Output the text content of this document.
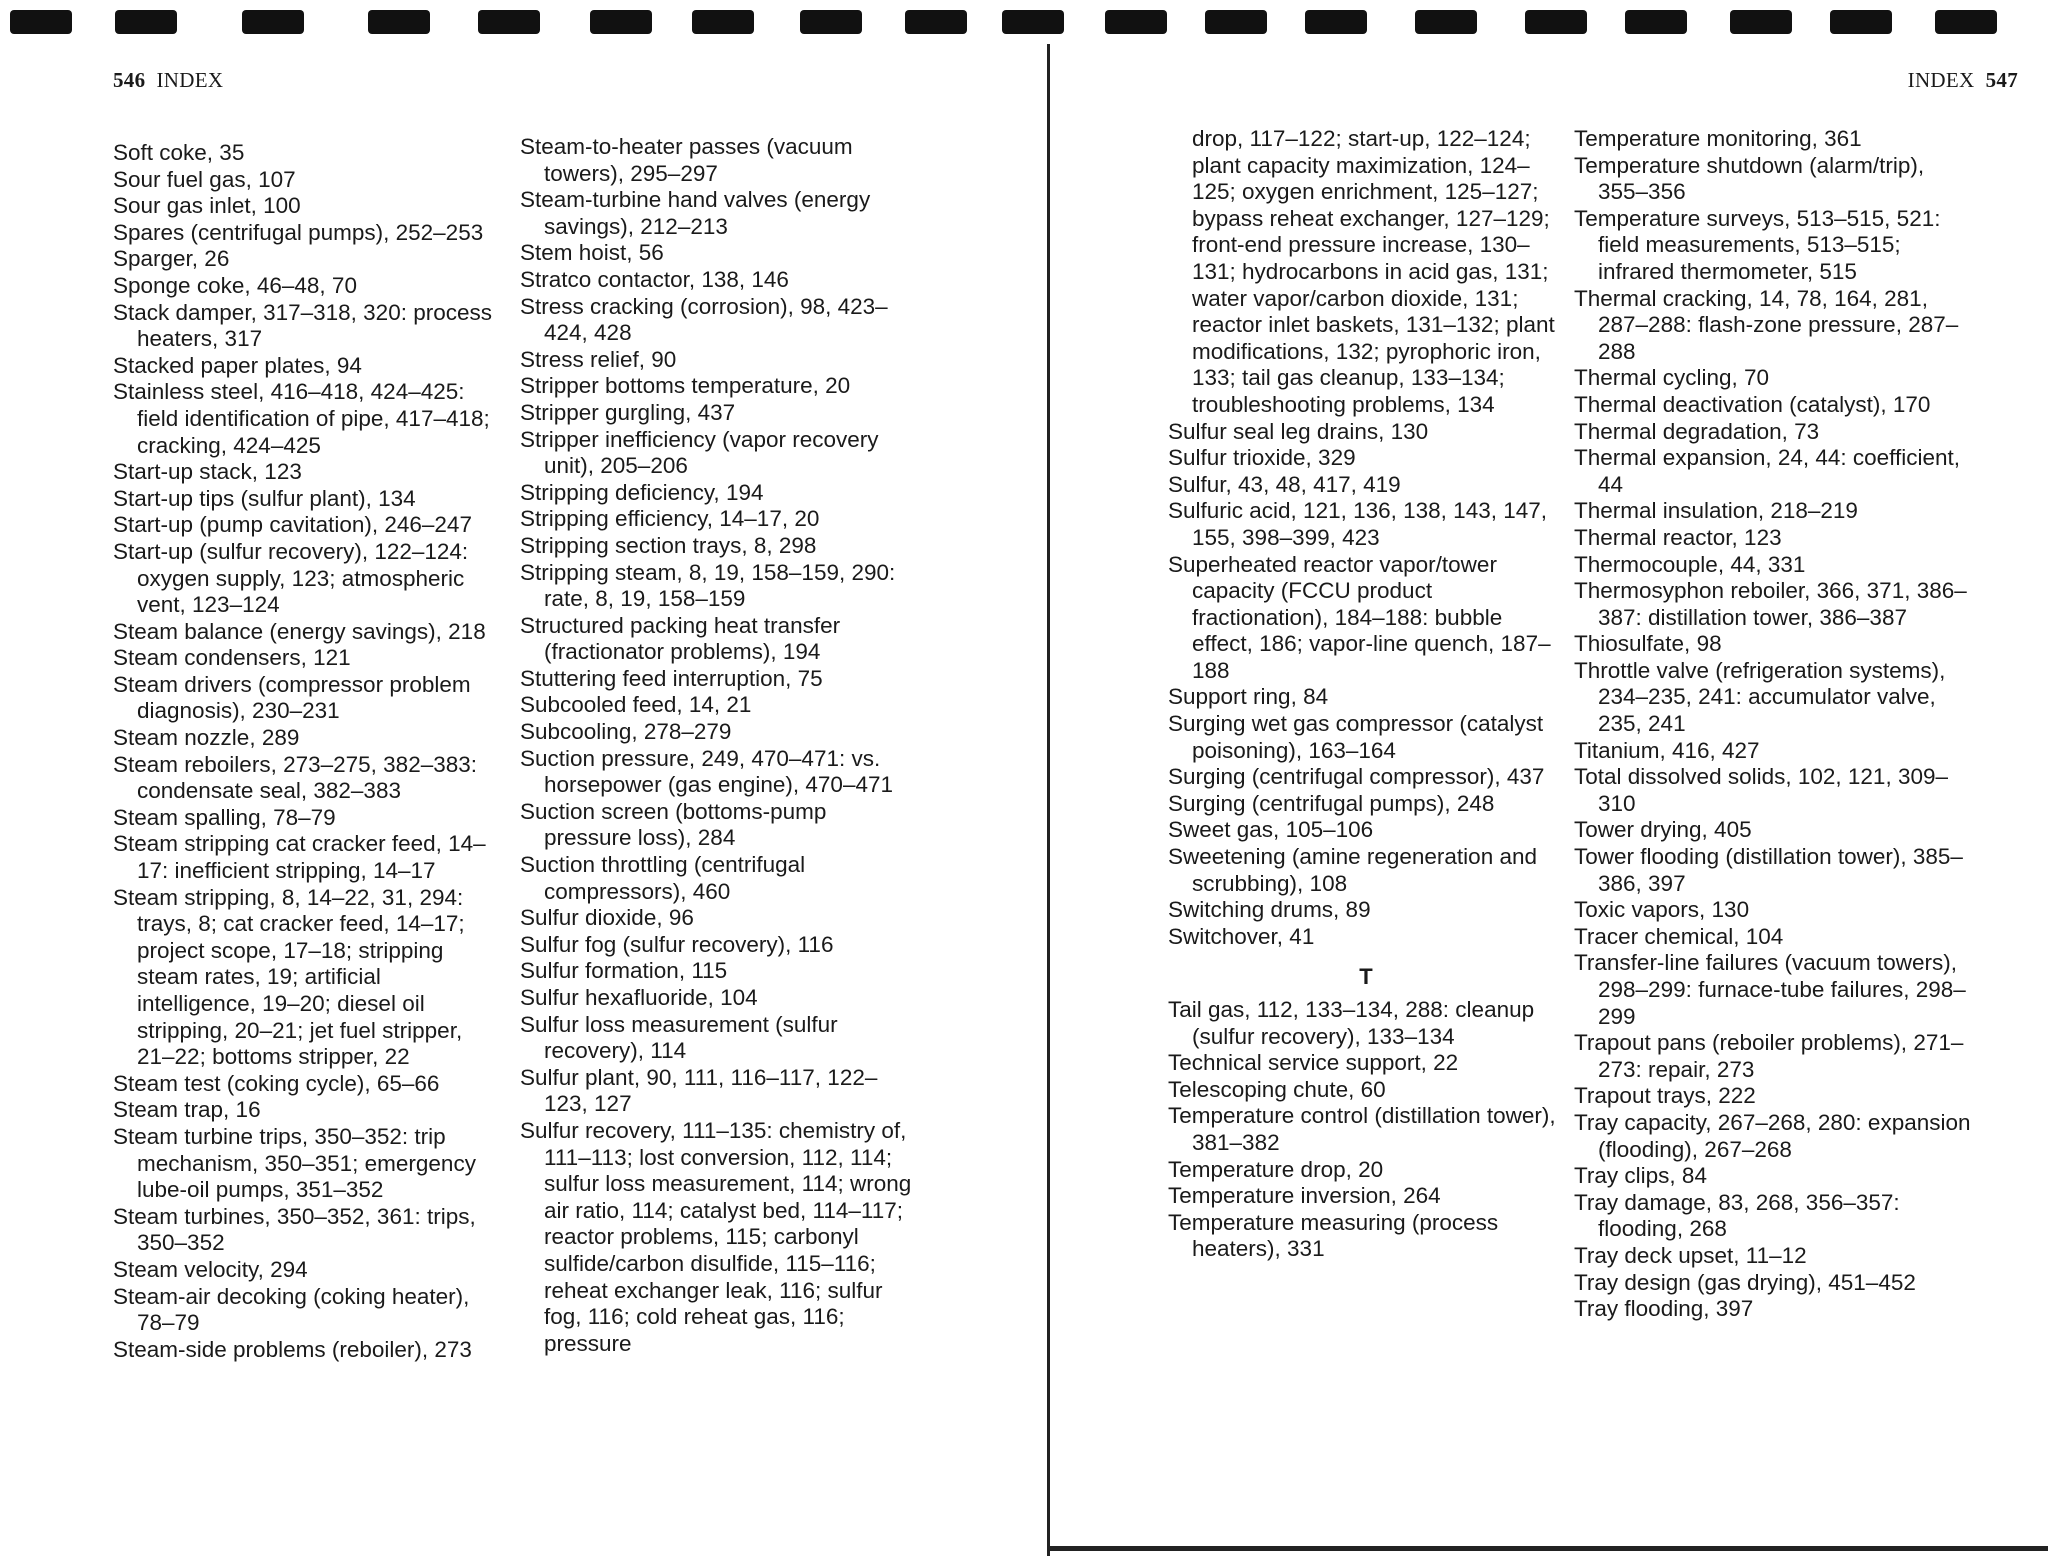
546 INDEX	INDEX 547
Soft coke, 35
Sour fuel gas, 107
Sour gas inlet, 100
Spares (centrifugal pumps), 252–253
Sparger, 26
Sponge coke, 46–48, 70
Stack damper, 317–318, 320: process heaters, 317
Stacked paper plates, 94
Stainless steel, 416–418, 424–425: field identification of pipe, 417–418; cracking, 424–425
Start-up stack, 123
Start-up tips (sulfur plant), 134
Start-up (pump cavitation), 246–247
Start-up (sulfur recovery), 122–124: oxygen supply, 123; atmospheric vent, 123–124
Steam balance (energy savings), 218
Steam condensers, 121
Steam drivers (compressor problem diagnosis), 230–231
Steam nozzle, 289
Steam reboilers, 273–275, 382–383: condensate seal, 382–383
Steam spalling, 78–79
Steam stripping cat cracker feed, 14–17: inefficient stripping, 14–17
Steam stripping, 8, 14–22, 31, 294: trays, 8; cat cracker feed, 14–17; project scope, 17–18; stripping steam rates, 19; artificial intelligence, 19–20; diesel oil stripping, 20–21; jet fuel stripper, 21–22; bottoms stripper, 22
Steam test (coking cycle), 65–66
Steam trap, 16
Steam turbine trips, 350–352: trip mechanism, 350–351; emergency lube-oil pumps, 351–352
Steam turbines, 350–352, 361: trips, 350–352
Steam velocity, 294
Steam-air decoking (coking heater), 78–79
Steam-side problems (reboiler), 273
Steam-to-heater passes (vacuum towers), 295–297
Steam-turbine hand valves (energy savings), 212–213
Stem hoist, 56
Stratco contactor, 138, 146
Stress cracking (corrosion), 98, 423–424, 428
Stress relief, 90
Stripper bottoms temperature, 20
Stripper gurgling, 437
Stripper inefficiency (vapor recovery unit), 205–206
Stripping deficiency, 194
Stripping efficiency, 14–17, 20
Stripping section trays, 8, 298
Stripping steam, 8, 19, 158–159, 290: rate, 8, 19, 158–159
Structured packing heat transfer (fractionator problems), 194
Stuttering feed interruption, 75
Subcooled feed, 14, 21
Subcooling, 278–279
Suction pressure, 249, 470–471: vs. horsepower (gas engine), 470–471
Suction screen (bottoms-pump pressure loss), 284
Suction throttling (centrifugal compressors), 460
Sulfur dioxide, 96
Sulfur fog (sulfur recovery), 116
Sulfur formation, 115
Sulfur hexafluoride, 104
Sulfur loss measurement (sulfur recovery), 114
Sulfur plant, 90, 111, 116–117, 122–123, 127
Sulfur recovery, 111–135: chemistry of, 111–113; lost conversion, 112, 114; sulfur loss measurement, 114; wrong air ratio, 114; catalyst bed, 114–117; reactor problems, 115; carbonyl sulfide/carbon disulfide, 115–116; reheat exchanger leak, 116; sulfur fog, 116; cold reheat gas, 116; pressure
drop, 117–122; start-up, 122–124; plant capacity maximization, 124–125; oxygen enrichment, 125–127; bypass reheat exchanger, 127–129; front-end pressure increase, 130–131; hydrocarbons in acid gas, 131; water vapor/carbon dioxide, 131; reactor inlet baskets, 131–132; plant modifications, 132; pyrophoric iron, 133; tail gas cleanup, 133–134; troubleshooting problems, 134
Sulfur seal leg drains, 130
Sulfur trioxide, 329
Sulfur, 43, 48, 417, 419
Sulfuric acid, 121, 136, 138, 143, 147, 155, 398–399, 423
Superheated reactor vapor/tower capacity (FCCU product fractionation), 184–188: bubble effect, 186; vapor-line quench, 187–188
Support ring, 84
Surging wet gas compressor (catalyst poisoning), 163–164
Surging (centrifugal compressor), 437
Surging (centrifugal pumps), 248
Sweet gas, 105–106
Sweetening (amine regeneration and scrubbing), 108
Switching drums, 89
Switchover, 41
T
Tail gas, 112, 133–134, 288: cleanup (sulfur recovery), 133–134
Technical service support, 22
Telescoping chute, 60
Temperature control (distillation tower), 381–382
Temperature drop, 20
Temperature inversion, 264
Temperature measuring (process heaters), 331
Temperature monitoring, 361
Temperature shutdown (alarm/trip), 355–356
Temperature surveys, 513–515, 521: field measurements, 513–515; infrared thermometer, 515
Thermal cracking, 14, 78, 164, 281, 287–288: flash-zone pressure, 287–288
Thermal cycling, 70
Thermal deactivation (catalyst), 170
Thermal degradation, 73
Thermal expansion, 24, 44: coefficient, 44
Thermal insulation, 218–219
Thermal reactor, 123
Thermocouple, 44, 331
Thermosyphon reboiler, 366, 371, 386–387: distillation tower, 386–387
Thiosulfate, 98
Throttle valve (refrigeration systems), 234–235, 241: accumulator valve, 235, 241
Titanium, 416, 427
Total dissolved solids, 102, 121, 309–310
Tower drying, 405
Tower flooding (distillation tower), 385–386, 397
Toxic vapors, 130
Tracer chemical, 104
Transfer-line failures (vacuum towers), 298–299: furnace-tube failures, 298–299
Trapout pans (reboiler problems), 271–273: repair, 273
Trapout trays, 222
Tray capacity, 267–268, 280: expansion (flooding), 267–268
Tray clips, 84
Tray damage, 83, 268, 356–357: flooding, 268
Tray deck upset, 11–12
Tray design (gas drying), 451–452
Tray flooding, 397
